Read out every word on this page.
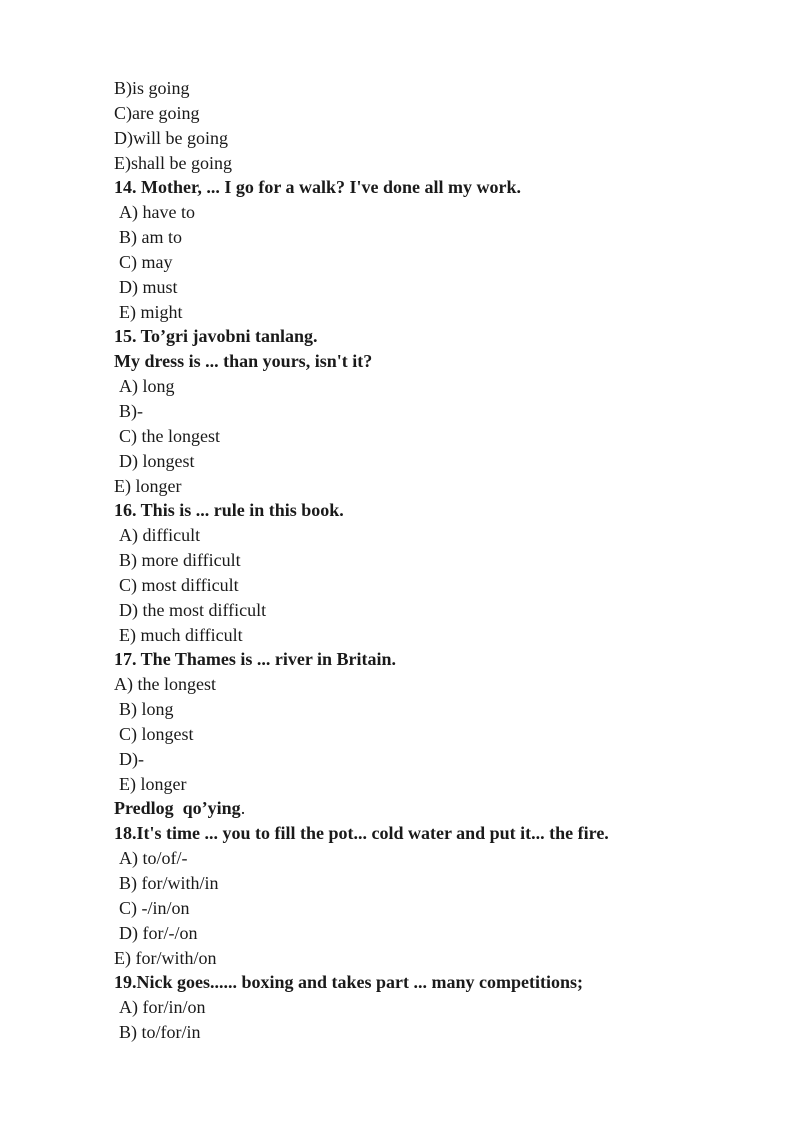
B)is going
C)are going
D)will be going
E)shall be going
14. Mother, ... I go for a walk? I've done all my work.
A) have to
B) am to
C) may
D) must
E) might
15. To’gri javobni tanlang.
My dress is ... than yours, isn't it?
A) long
B)-
C) the longest
D) longest
E) longer
16. This is ... rule in this book.
A) difficult
B) more difficult
C) most difficult
D) the most difficult
E) much difficult
17. The Thames is ... river in Britain.
A) the longest
B) long
C) longest
D)-
E) longer
Predlog  qo’ying.
18.It's time ... you to fill the pot... cold water and put it... the fire.
A) to/of/-
B) for/with/in
C) -/in/on
D) for/-/on
E) for/with/on
19.Nick goes...... boxing and takes part ... many competitions;
A) for/in/on
B) to/for/in
